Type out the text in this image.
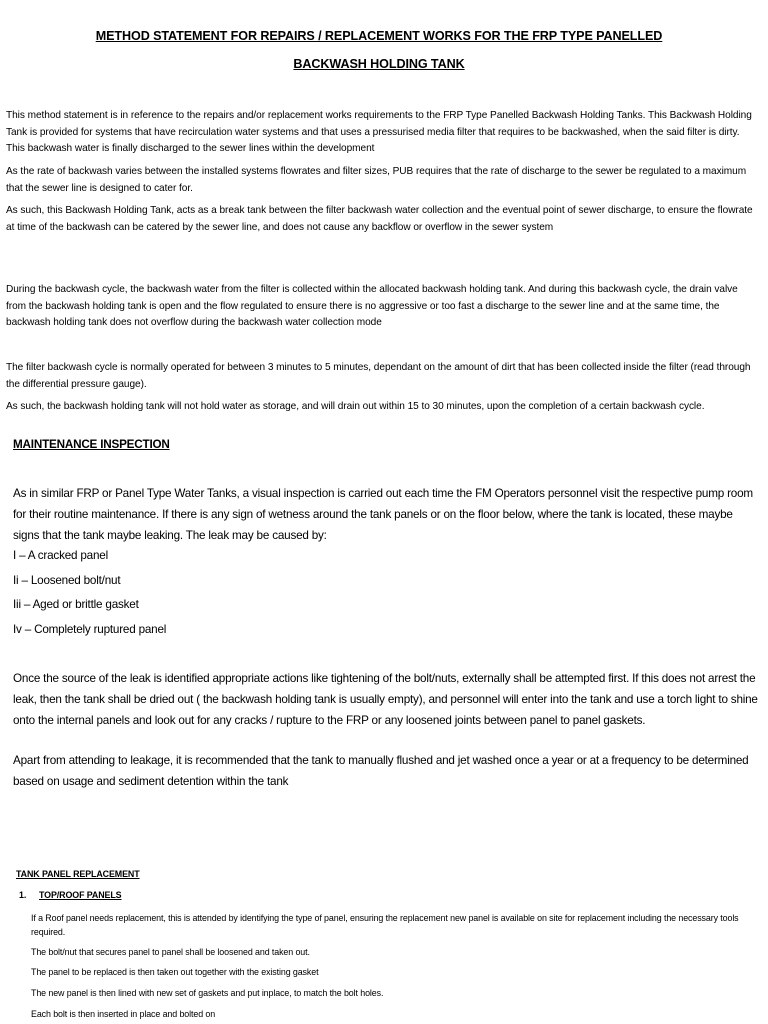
METHOD STATEMENT FOR REPAIRS / REPLACEMENT WORKS FOR THE FRP TYPE PANELLED

BACKWASH HOLDING TANK

This method statement is in reference to the repairs and/or replacement works requirements to the FRP Type Panelled Backwash Holding Tanks. This Backwash Holding Tank is provided for systems that have recirculation water systems and that uses a pressurised media filter that requires to be backwashed, when the said filter is dirty. This backwash water is finally discharged to the sewer lines within the development

As the rate of backwash varies between the installed systems flowrates and filter sizes, PUB requires that the rate of discharge to the sewer be regulated to a maximum that the sewer line is designed to cater for.

As such, this Backwash Holding Tank, acts as a break tank between the filter backwash water collection and the eventual point of sewer discharge, to ensure the flowrate at time of the backwash can be catered by the sewer line, and does not cause any backflow or overflow in the sewer system

During the backwash cycle, the backwash water from the filter is collected within the allocated backwash holding tank. And during this backwash cycle, the drain valve from the backwash holding tank is open and the flow regulated to ensure there is no aggressive or too fast a discharge to the sewer line and at the same time, the backwash holding tank does not overflow during the backwash water collection mode

The filter backwash cycle is normally operated for between 3 minutes to 5 minutes, dependant on the amount of dirt that has been collected inside the filter (read through the differential pressure gauge).

As such, the backwash holding tank will not hold water as storage, and will drain out within 15 to 30 minutes, upon the completion of a certain backwash cycle.

MAINTENANCE INSPECTION

As in similar FRP or Panel Type Water Tanks, a visual inspection is carried out each time the FM Operators personnel visit the respective pump room for their routine maintenance. If there is any sign of wetness around the tank panels or on the floor below, where the tank is located, these maybe signs that the tank maybe leaking. The leak may be caused by:

I – A cracked panel

Ii – Loosened bolt/nut

Iii – Aged or brittle gasket

Iv – Completely ruptured panel

Once the source of the leak is identified appropriate actions like tightening of the bolt/nuts, externally shall be attempted first. If this does not arrest the leak, then the tank shall be dried out ( the backwash holding tank is usually empty), and personnel will enter into the tank and use a torch light to shine onto the internal panels and look out for any cracks / rupture to the FRP or any loosened joints between panel to panel gaskets.

Apart from attending to leakage, it is recommended that the tank to manually flushed and jet washed once a year or at a frequency to be determined based on usage and sediment detention within the tank

TANK PANEL REPLACEMENT

1. TOP/ROOF PANELS

If a Roof panel needs replacement, this is attended by identifying the type of panel, ensuring the replacement new panel is available on site for replacement including the necessary tools required.

The bolt/nut that secures panel to panel shall be loosened and taken out.

The panel to be replaced is then taken out together with the existing gasket

The new panel is then lined with new set of gaskets and put inplace, to match the bolt holes.

Each bolt is then inserted in place and bolted on
